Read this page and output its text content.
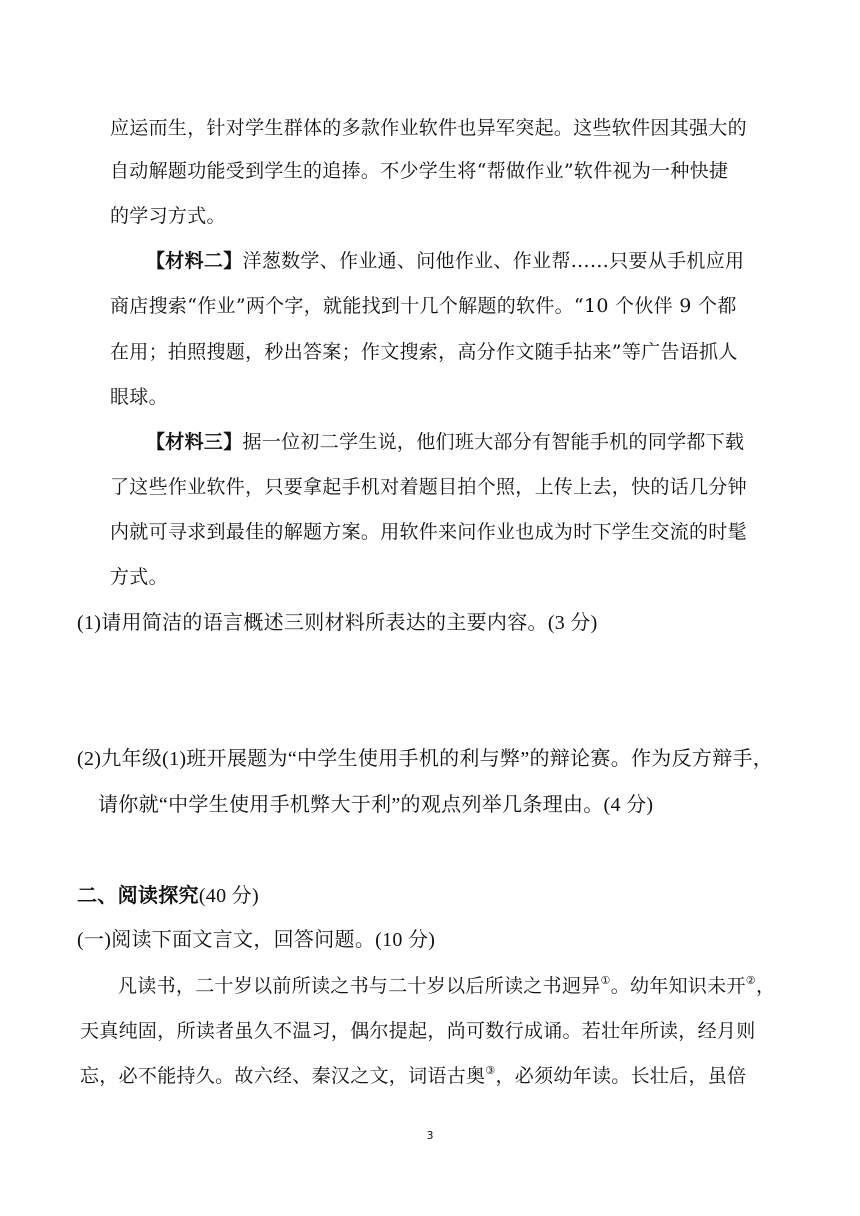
应运而生，针对学生群体的多款作业软件也异军突起。这些软件因其强大的
自动解题功能受到学生的追捧。不少学生将“帮做作业”软件视为一种快捷
的学习方式。
【材料二】洋葱数学、作业通、问他作业、作业帮……只要从手机应用
商店搜索“作业”两个字，就能找到十几个解题的软件。“10 个伙伴 9 个都
在用；拍照搜题，秒出答案；作文搜索，高分作文随手拈来”等广告语抓人
眼球。
【材料三】据一位初二学生说，他们班大部分有智能手机的同学都下载
了这些作业软件，只要拿起手机对着题目拍个照，上传上去，快的话几分钟
内就可寻求到最佳的解题方案。用软件来问作业也成为时下学生交流的时髦
方式。
(1)请用简洁的语言概述三则材料所表达的主要内容。(3 分)
(2)九年级(1)班开展题为“中学生使用手机的利与弊”的辩论赛。作为反方辩手，
请你就“中学生使用手机弊大于利”的观点列举几条理由。(4 分)
二、阅读探究(40 分)
(一)阅读下面文言文，回答问题。(10 分)
凡读书，二十岁以前所读之书与二十岁以后所读之书迥异①。幼年知识未开②，
天真纯固，所读者虽久不温习，偶尔提起，尚可数行成诵。若壮年所读，经月则
忘，必不能持久。故六经、秦汉之文，词语古奥③，必须幼年读。长壮后，虽倍
3
